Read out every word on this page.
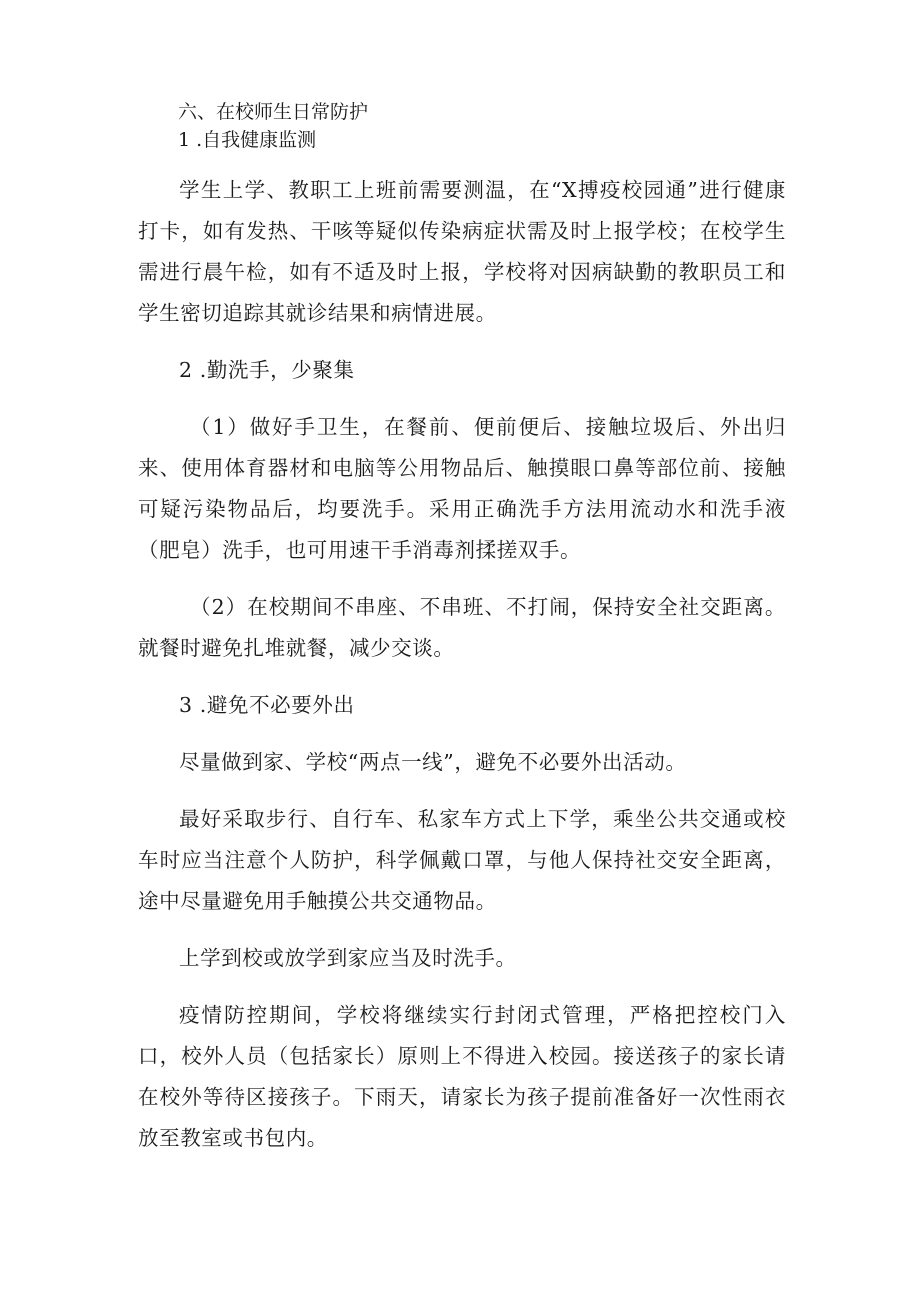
六、在校师生日常防护

1 .自我健康监测

学生上学、教职工上班前需要测温，在“X搏疫校园通”进行健康打卡，如有发热、干咳等疑似传染病症状需及时上报学校；在校学生需进行晨午检，如有不适及时上报，学校将对因病缺勤的教职员工和学生密切追踪其就诊结果和病情进展。

2 .勤洗手，少聚集

（1）做好手卫生，在餐前、便前便后、接触垃圾后、外出归来、使用体育器材和电脑等公用物品后、触摸眼口鼻等部位前、接触可疑污染物品后，均要洗手。采用正确洗手方法用流动水和洗手液（肥皂）洗手，也可用速干手消毒剂揉搓双手。

（2）在校期间不串座、不串班、不打闹，保持安全社交距离。就餐时避免扎堆就餐，减少交谈。

3 .避免不必要外出

尽量做到家、学校“两点一线”，避免不必要外出活动。

最好采取步行、自行车、私家车方式上下学，乘坐公共交通或校车时应当注意个人防护，科学佩戴口罩，与他人保持社交安全距离，途中尽量避免用手触摸公共交通物品。

上学到校或放学到家应当及时洗手。

疫情防控期间，学校将继续实行封闭式管理，严格把控校门入口，校外人员（包括家长）原则上不得进入校园。接送孩子的家长请在校外等待区接孩子。下雨天，请家长为孩子提前准备好一次性雨衣放至教室或书包内。
